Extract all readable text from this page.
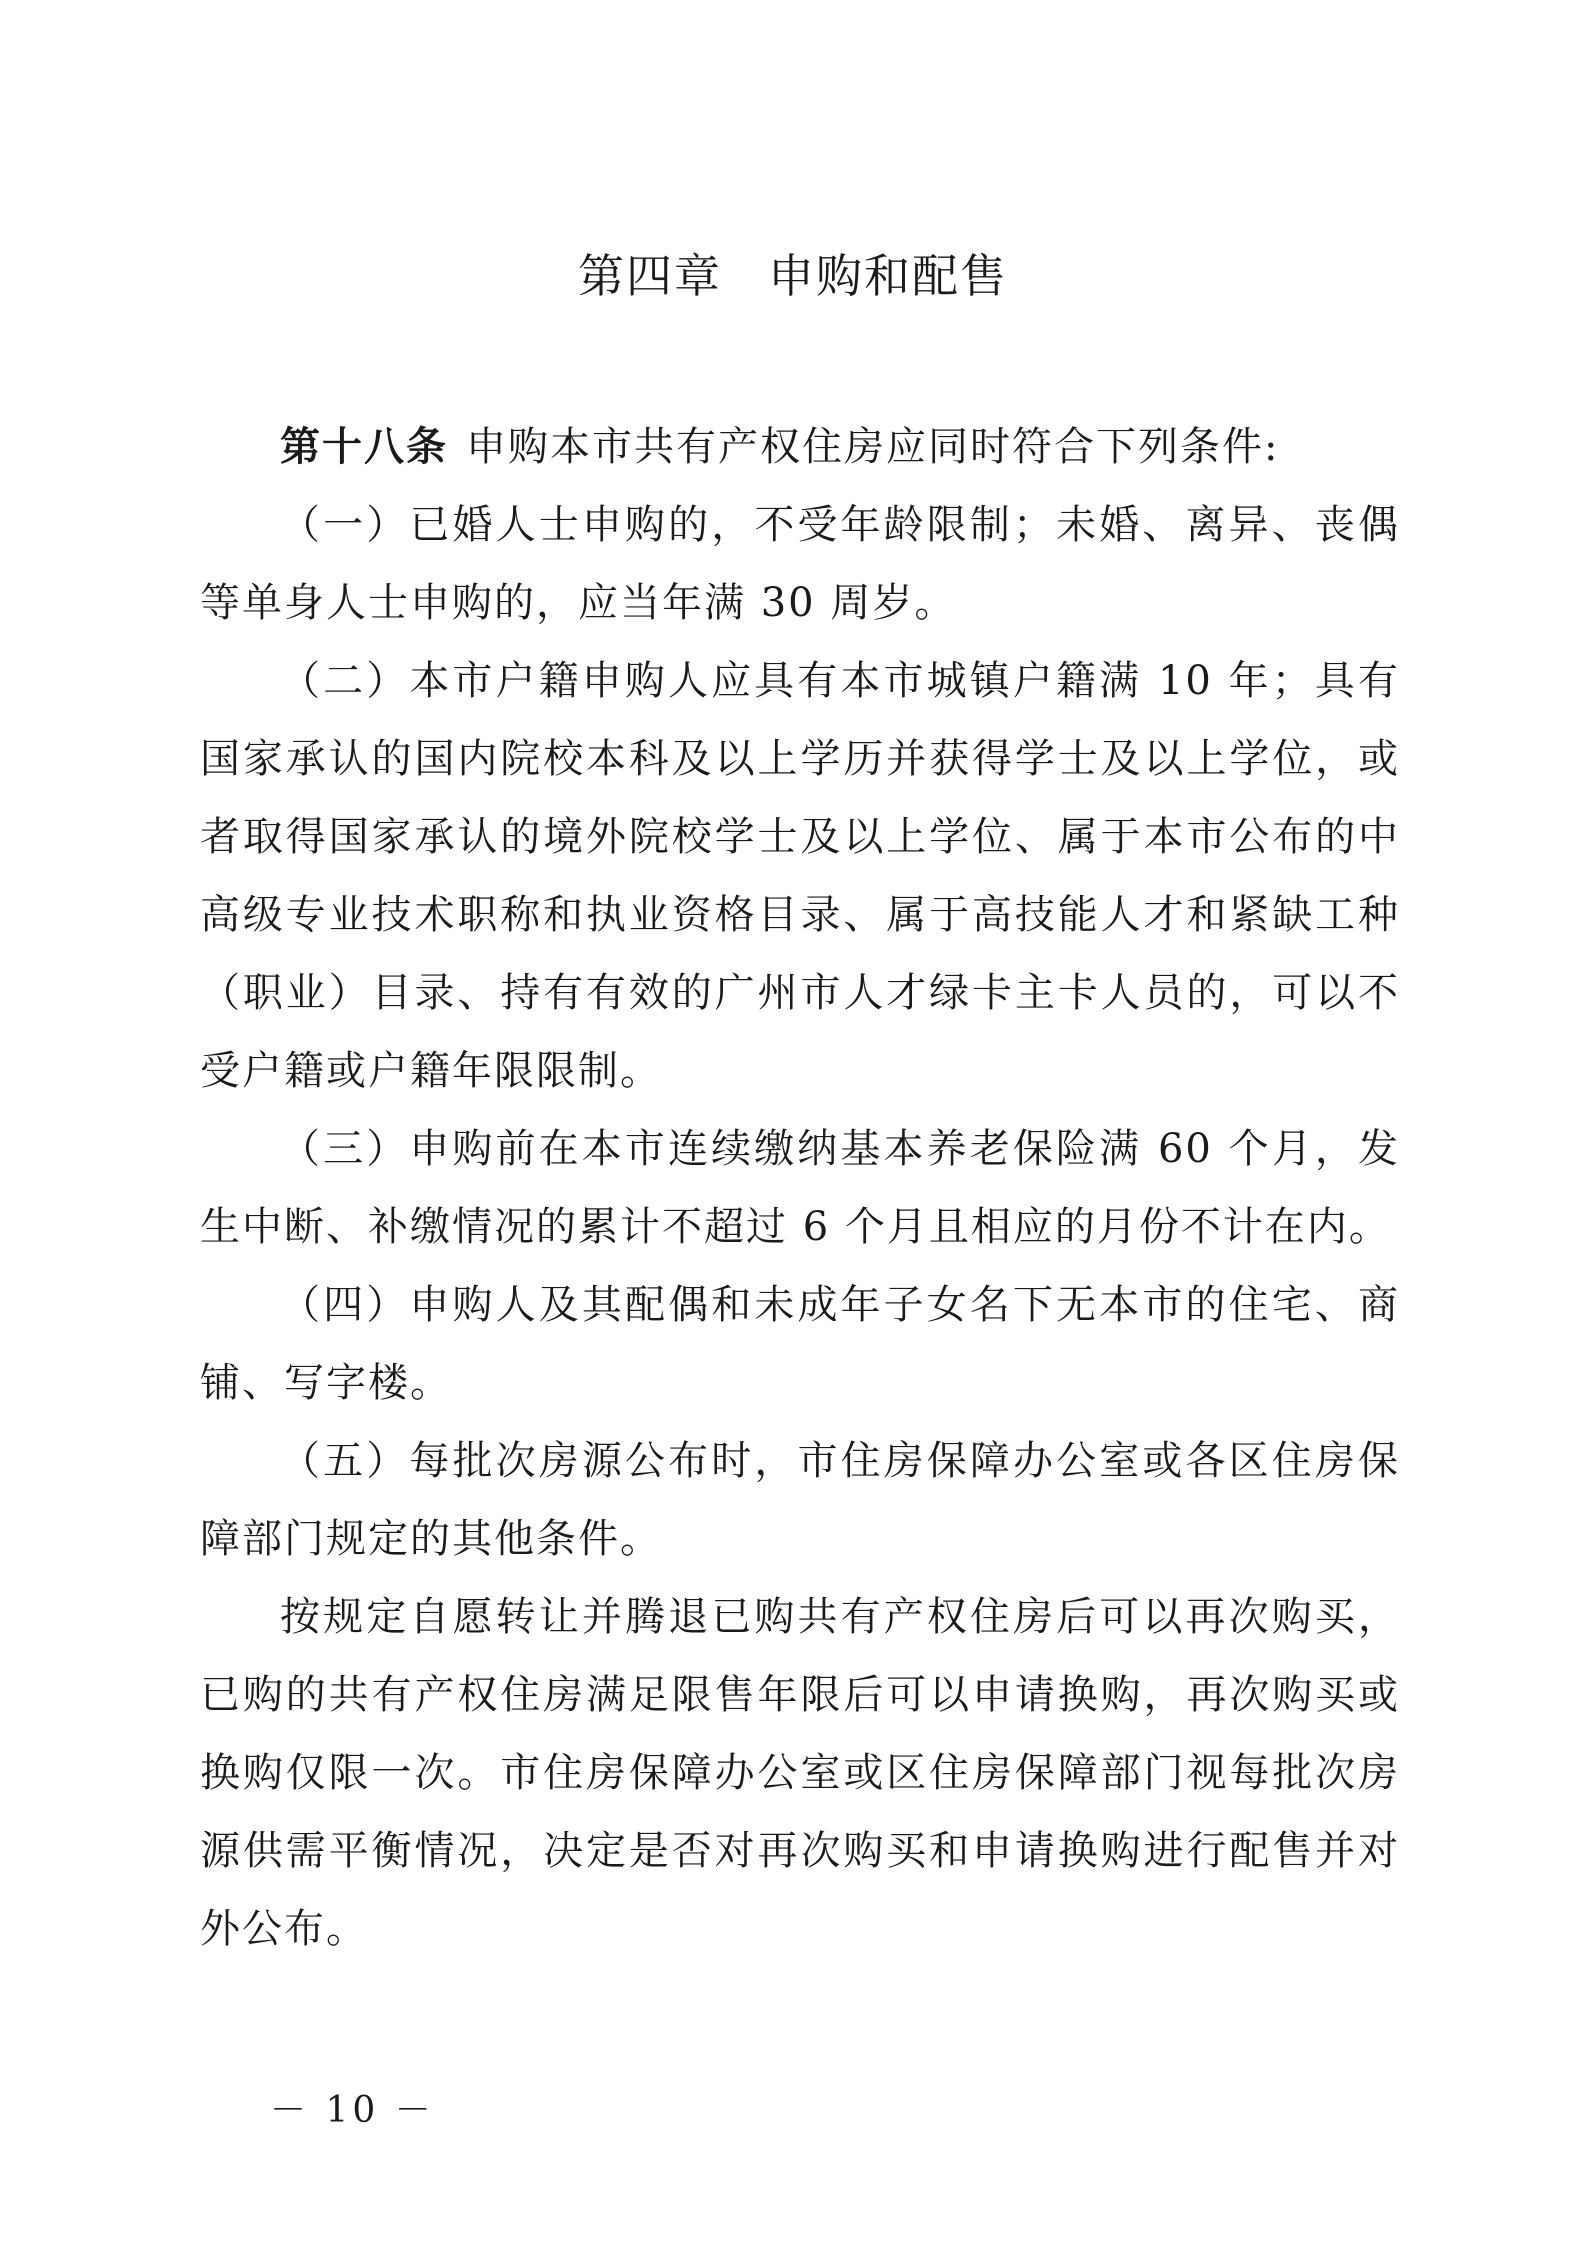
第四章 申购和配售

第十八条 申购本市共有产权住房应同时符合下列条件:

（一）已婚人士申购的，不受年龄限制；未婚、离异、丧偶等单身人士申购的，应当年满 30 周岁。

（二）本市户籍申购人应具有本市城镇户籍满 10 年；具有国家承认的国内院校本科及以上学历并获得学士及以上学位，或者取得国家承认的境外院校学士及以上学位、属于本市公布的中高级专业技术职称和执业资格目录、属于高技能人才和紧缺工种（职业）目录、持有有效的广州市人才绿卡主卡人员的，可以不受户籍或户籍年限限制。

（三）申购前在本市连续缴纳基本养老保险满 60 个月，发生中断、补缴情况的累计不超过 6 个月且相应的月份不计在内。

（四）申购人及其配偶和未成年子女名下无本市的住宅、商铺、写字楼。

（五）每批次房源公布时，市住房保障办公室或各区住房保障部门规定的其他条件。

按规定自愿转让并腾退已购共有产权住房后可以再次购买，已购的共有产权住房满足限售年限后可以申请换购，再次购买或换购仅限一次。市住房保障办公室或区住房保障部门视每批次房源供需平衡情况，决定是否对再次购买和申请换购进行配售并对外公布。

－ 10 －
